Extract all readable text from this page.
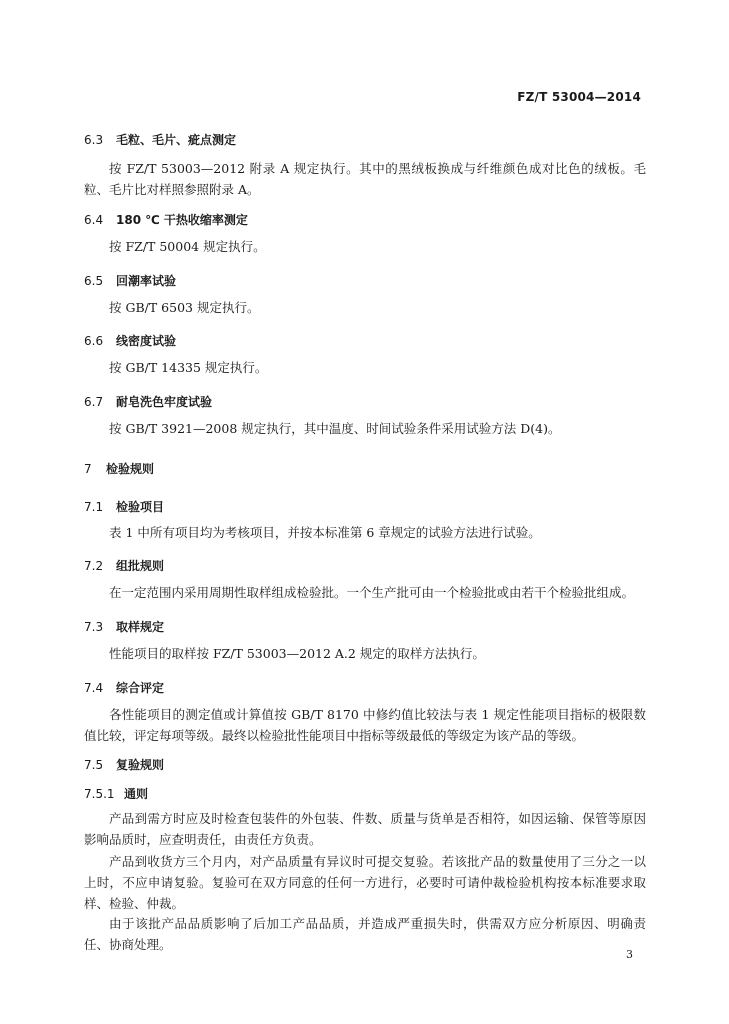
FZ/T 53004—2014
6.3 毛粒、毛片、疵点测定
按 FZ/T 53003—2012 附录 A 规定执行。其中的黑绒板换成与纤维颜色成对比色的绒板。毛粒、毛片比对样照参照附录 A。
6.4 180 ℃ 干热收缩率测定
按 FZ/T 50004 规定执行。
6.5 回潮率试验
按 GB/T 6503 规定执行。
6.6 线密度试验
按 GB/T 14335 规定执行。
6.7 耐皂洗色牢度试验
按 GB/T 3921—2008 规定执行，其中温度、时间试验条件采用试验方法 D(4)。
7 检验规则
7.1 检验项目
表 1 中所有项目均为考核项目，并按本标准第 6 章规定的试验方法进行试验。
7.2 组批规则
在一定范围内采用周期性取样组成检验批。一个生产批可由一个检验批或由若干个检验批组成。
7.3 取样规定
性能项目的取样按 FZ/T 53003—2012 A.2 规定的取样方法执行。
7.4 综合评定
各性能项目的测定值或计算值按 GB/T 8170 中修约值比较法与表 1 规定性能项目指标的极限数值比较，评定每项等级。最终以检验批性能项目中指标等级最低的等级定为该产品的等级。
7.5 复验规则
7.5.1 通则
产品到需方时应及时检查包装件的外包装、件数、质量与货单是否相符，如因运输、保管等原因影响品质时，应查明责任，由责任方负责。
产品到收货方三个月内，对产品质量有异议时可提交复验。若该批产品的数量使用了三分之一以上时，不应申请复验。复验可在双方同意的任何一方进行，必要时可请仲裁检验机构按本标准要求取样、检验、仲裁。
由于该批产品品质影响了后加工产品品质，并造成严重损失时，供需双方应分析原因、明确责任、协商处理。
3
